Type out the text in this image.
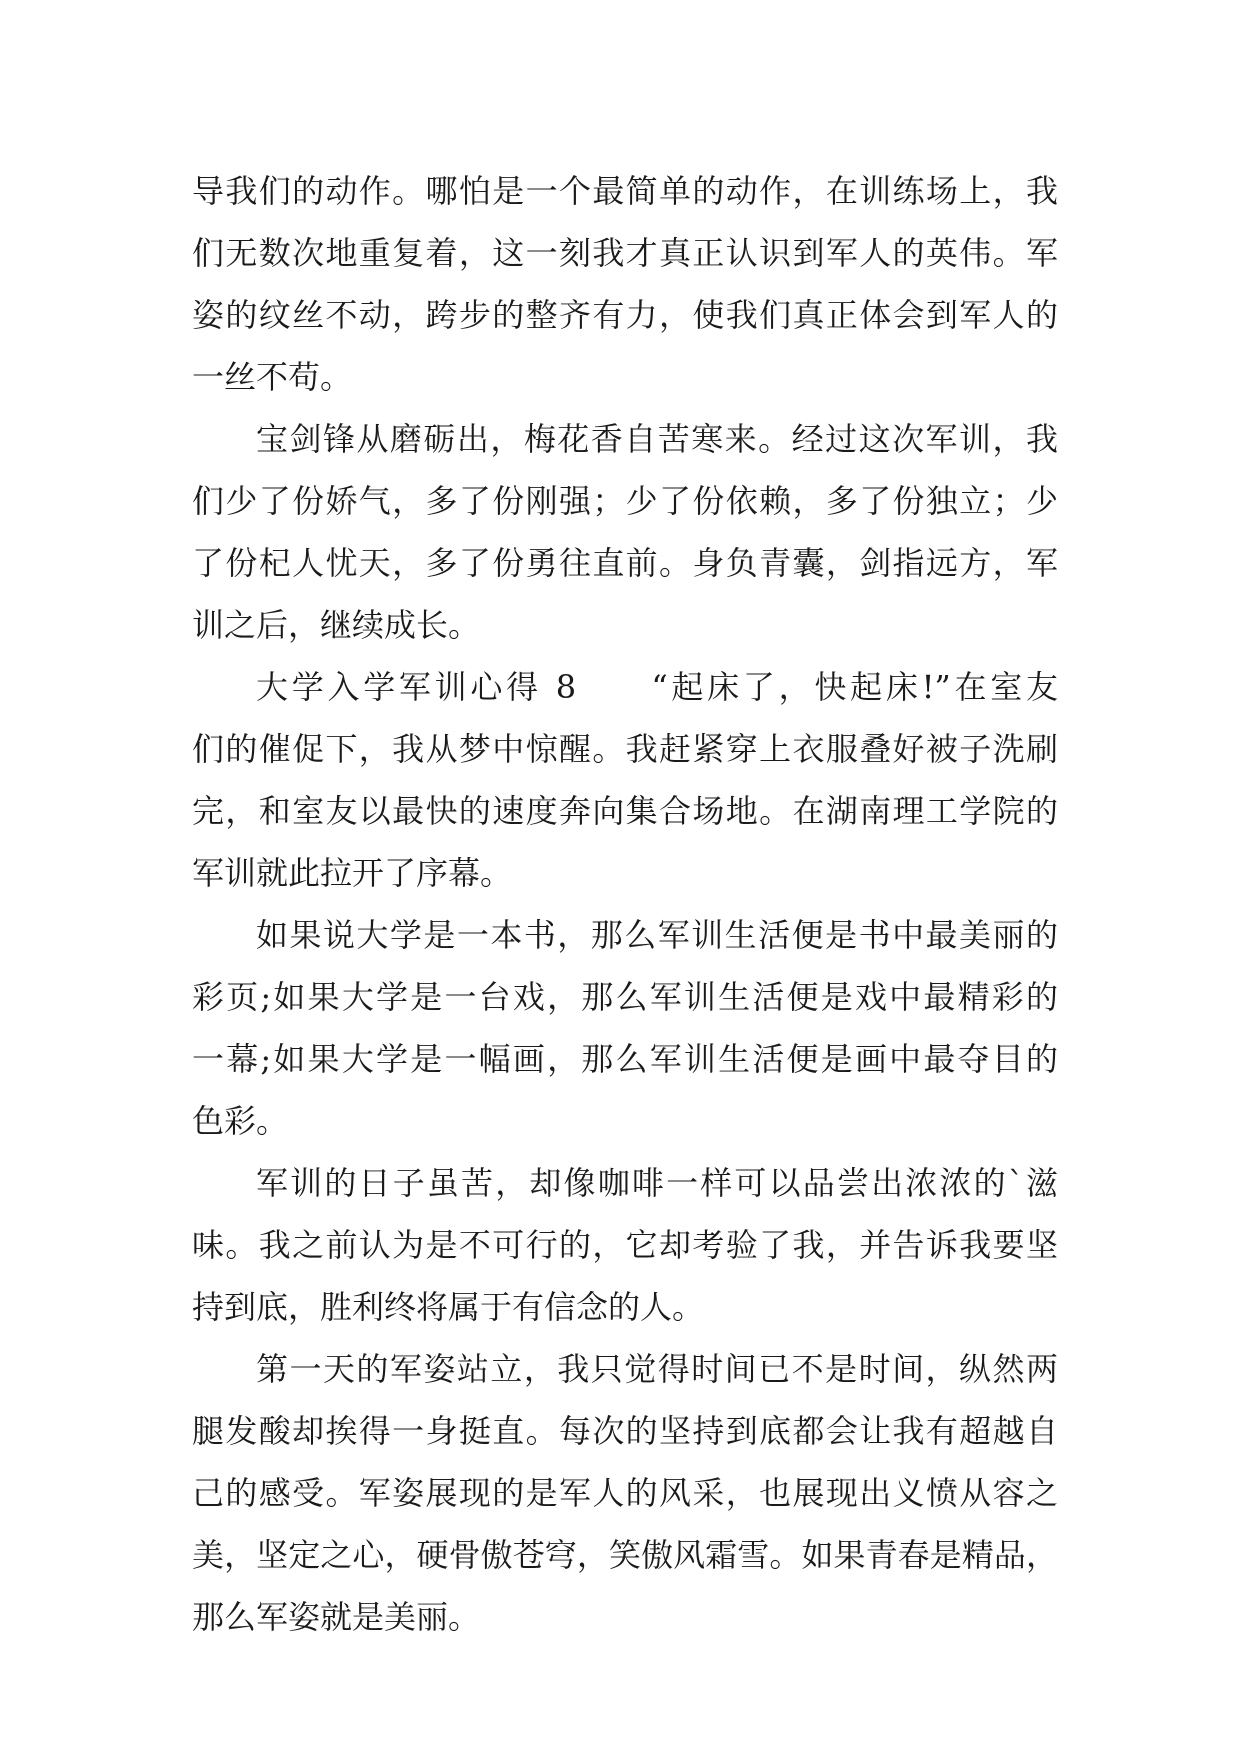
导我们的动作。哪怕是一个最简单的动作，在训练场上，我
们无数次地重复着，这一刻我才真正认识到军人的英伟。军
姿的纹丝不动，跨步的整齐有力，使我们真正体会到军人的
一丝不苟。
宝剑锋从磨砺出，梅花香自苦寒来。经过这次军训，我
们少了份娇气，多了份刚强；少了份依赖，多了份独立；少
了份杞人忧天，多了份勇往直前。身负青囊，剑指远方，军
训之后，继续成长。
大学入学军训心得 8　　“起床了，快起床!”在室友
们的催促下，我从梦中惊醒。我赶紧穿上衣服叠好被子洗刷
完，和室友以最快的速度奔向集合场地。在湖南理工学院的
军训就此拉开了序幕。
如果说大学是一本书，那么军训生活便是书中最美丽的
彩页;如果大学是一台戏，那么军训生活便是戏中最精彩的
一幕;如果大学是一幅画，那么军训生活便是画中最夺目的
色彩。
军训的日子虽苦，却像咖啡一样可以品尝出浓浓的`滋
味。我之前认为是不可行的，它却考验了我，并告诉我要坚
持到底，胜利终将属于有信念的人。
第一天的军姿站立，我只觉得时间已不是时间，纵然两
腿发酸却挨得一身挺直。每次的坚持到底都会让我有超越自
己的感受。军姿展现的是军人的风采，也展现出义愤从容之
美，坚定之心，硬骨傲苍穹，笑傲风霜雪。如果青春是精品，
那么军姿就是美丽。
